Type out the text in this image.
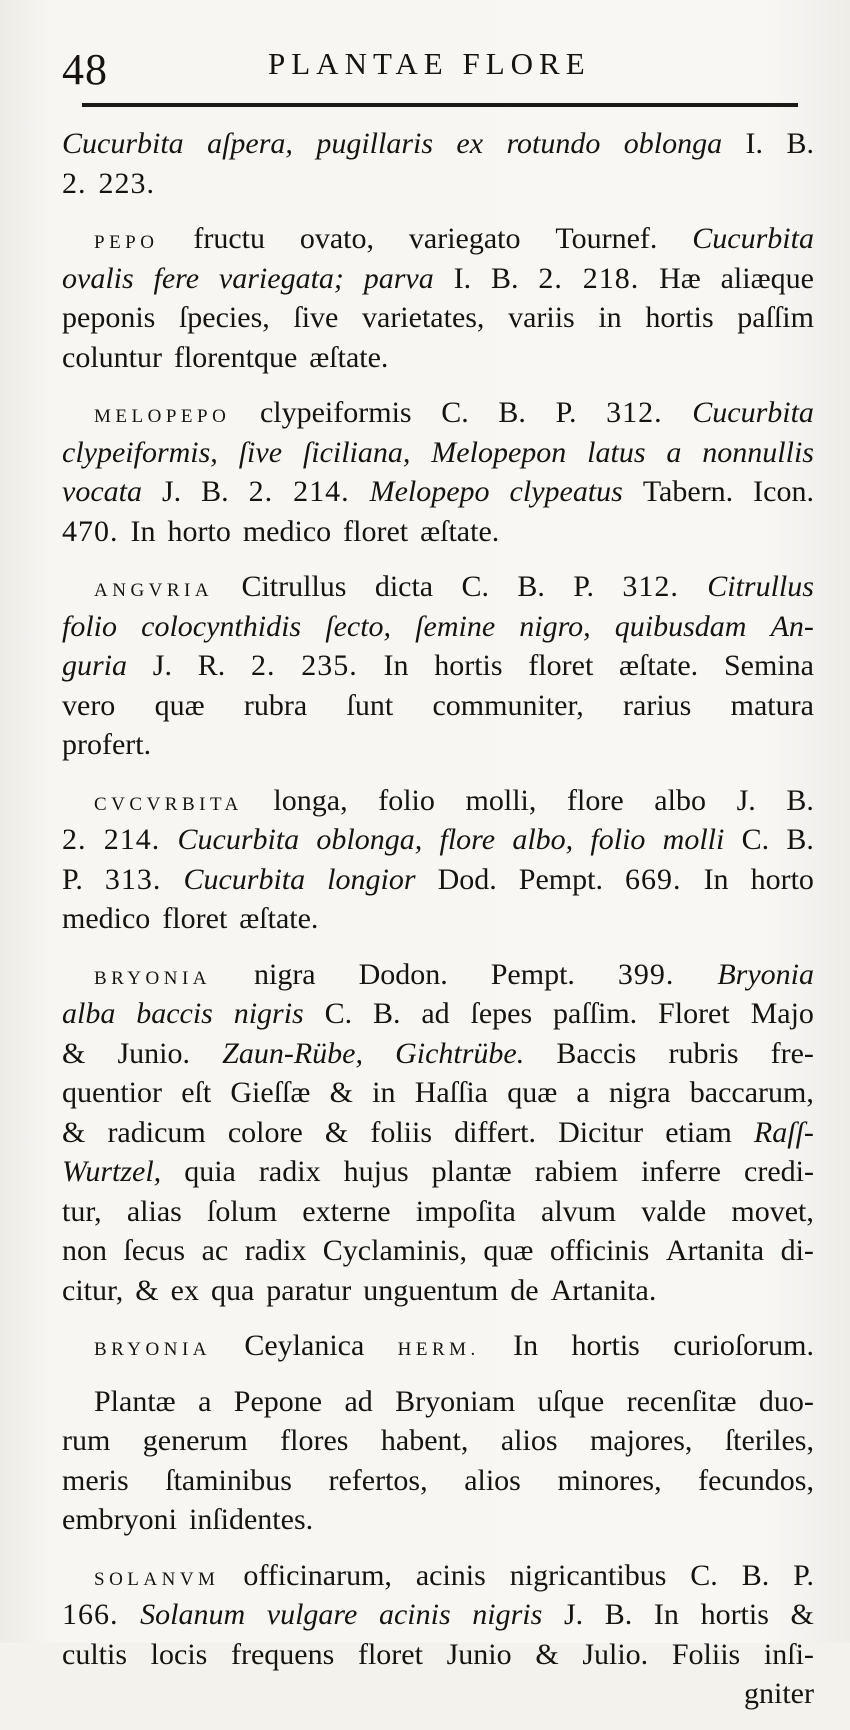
48	PLANTAE FLORE
Cucurbita aſpera, pugillaris ex rotundo oblonga I. B.
2. 223.
PEPO fructu ovato, variegato Tournef. Cucurbita
ovalis fere variegata; parva I. B. 2. 218. Hæ aliæque
peponis ſpecies, ſive varietates, variis in hortis paſſim
coluntur florentque æſtate.
MELOPEPO clypeiformis C. B. P. 312. Cucurbita
clypeiformis, ſive ſiciliana, Melopepon latus a nonnullis
vocata J. B. 2. 214. Melopepo clypeatus Tabern. Icon.
470. In horto medico floret æſtate.
ANGVRIA Citrullus dicta C. B. P. 312. Citrullus
folio colocynthidis ſecto, ſemine nigro, quibusdam An-
guria J. R. 2. 235. In hortis floret æſtate. Semina
vero quæ rubra ſunt communiter, rarius matura
profert.
CVCVRBITA longa, folio molli, flore albo J. B.
2. 214. Cucurbita oblonga, flore albo, folio molli C. B.
P. 313. Cucurbita longior Dod. Pempt. 669. In horto
medico floret æſtate.
BRYONIA nigra Dodon. Pempt. 399. Bryonia
alba baccis nigris C. B. ad ſepes paſſim. Floret Majo
& Junio. Zaun-Rübe, Gichtrübe. Baccis rubris fre-
quentior eſt Gieſſæ & in Haſſia quæ a nigra baccarum,
& radicum colore & foliis differt. Dicitur etiam Raſſ-
Wurtzel, quia radix hujus plantæ rabiem inferre credi-
tur, alias ſolum externe impoſita alvum valde movet,
non ſecus ac radix Cyclaminis, quæ officinis Artanita di-
citur, & ex qua paratur unguentum de Artanita.
BRYONIA Ceylanica HERM. In hortis curioſorum.
Plantæ a Pepone ad Bryoniam uſque recenſitæ duo-
rum generum flores habent, alios majores, ſteriles,
meris ſtaminibus refertos, alios minores, fecundos,
embryoni inſidentes.
SOLANVM officinarum, acinis nigricantibus C. B. P.
166. Solanum vulgare acinis nigris J. B. In hortis &
cultis locis frequens floret Junio & Julio. Foliis inſi-
gniter
